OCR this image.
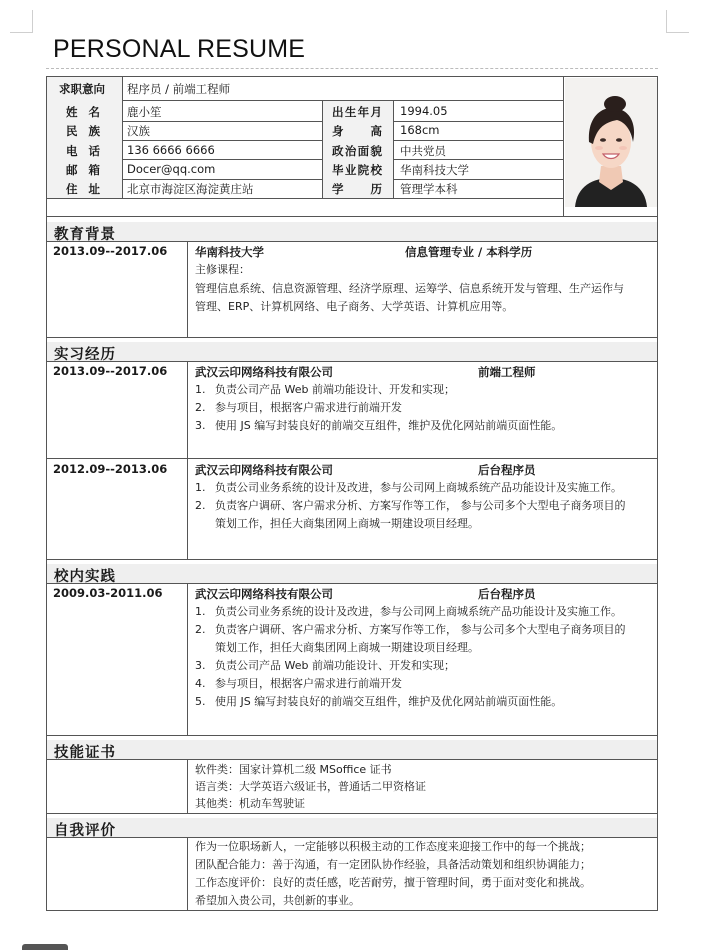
PERSONAL RESUME
求职意向 程序员 / 前端工程师
姓名 鹿小笙	出生年月 1994.05
民族 汉族	身高 168cm
电话 136 6666 6666	政治面貌 中共党员
邮箱 Docer@qq.com	毕业院校 华南科技大学
住址 北京市海淀区海淀黄庄站	学历 管理学本科
教育背景
2013.09--2017.06 华南科技大学	信息管理专业 / 本科学历
主修课程：
管理信息系统、信息资源管理、经济学原理、运筹学、信息系统开发与管理、生产运作与
管理、ERP、计算机网络、电子商务、大学英语、计算机应用等。
实习经历
2013.09--2017.06 武汉云印网络科技有限公司	前端工程师
1. 负责公司产品 Web 前端功能设计、开发和实现；
2. 参与项目，根据客户需求进行前端开发
3. 使用 JS 编写封装良好的前端交互组件，维护及优化网站前端页面性能。
2012.09--2013.06 武汉云印网络科技有限公司	后台程序员
1. 负责公司业务系统的设计及改进，参与公司网上商城系统产品功能设计及实施工作。
2. 负责客户调研、客户需求分析、方案写作等工作， 参与公司多个大型电子商务项目的
策划工作，担任大商集团网上商城一期建设项目经理。
校内实践
2009.03-2011.06	武汉云印网络科技有限公司	后台程序员
1. 负责公司业务系统的设计及改进，参与公司网上商城系统产品功能设计及实施工作。
2. 负责客户调研、客户需求分析、方案写作等工作， 参与公司多个大型电子商务项目的
策划工作，担任大商集团网上商城一期建设项目经理。
3. 负责公司产品 Web 前端功能设计、开发和实现；
4. 参与项目，根据客户需求进行前端开发
5. 使用 JS 编写封装良好的前端交互组件，维护及优化网站前端页面性能。
技能证书
软件类：国家计算机二级 MSoffice 证书
语言类：大学英语六级证书，普通话二甲资格证
其他类：机动车驾驶证
自我评价
作为一位职场新人，一定能够以积极主动的工作态度来迎接工作中的每一个挑战；
团队配合能力：善于沟通，有一定团队协作经验，具备活动策划和组织协调能力；
工作态度评价：良好的责任感，吃苦耐劳，擅于管理时间，勇于面对变化和挑战。
希望加入贵公司，共创新的事业。
